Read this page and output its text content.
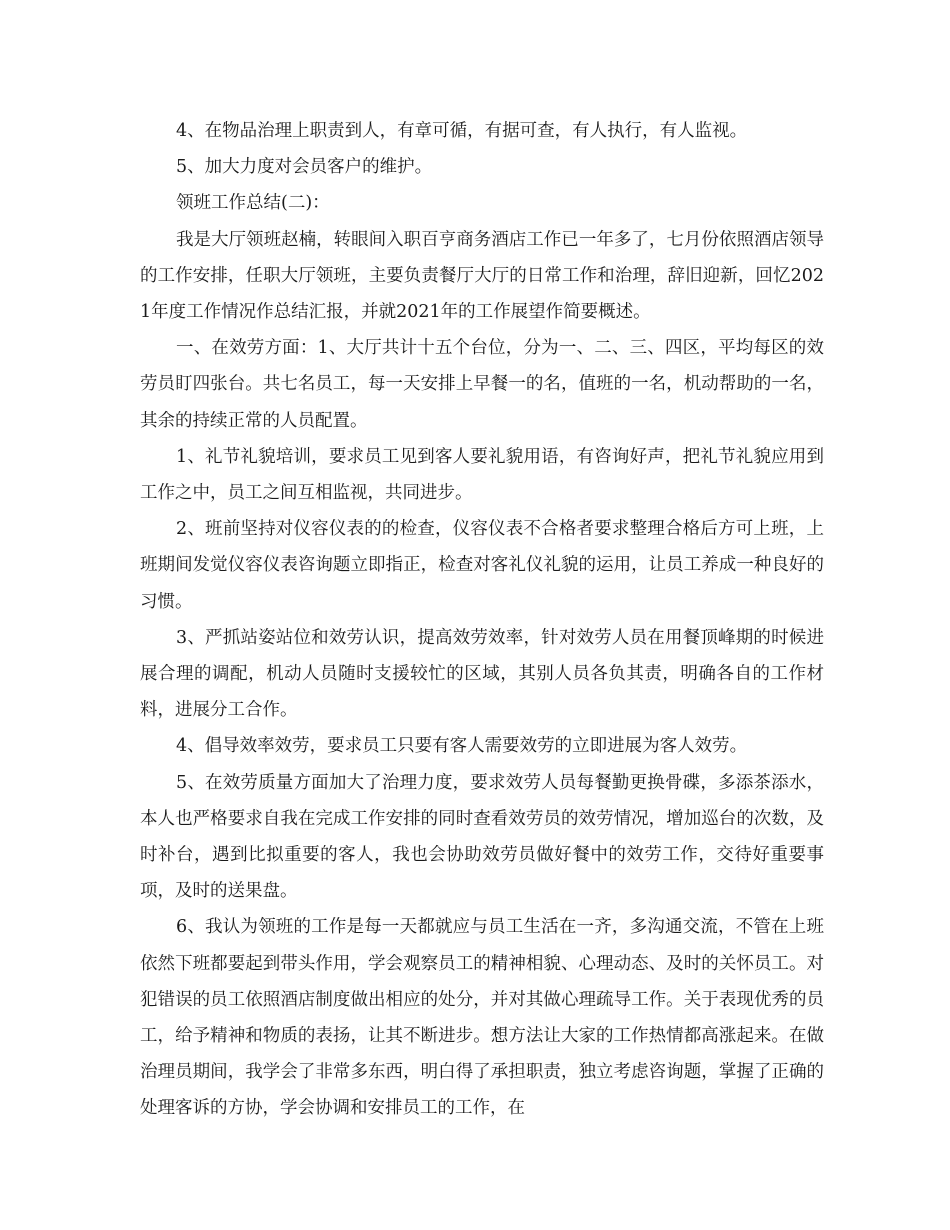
4、在物品治理上职责到人，有章可循，有据可查，有人执行，有人监视。

5、加大力度对会员客户的维护。

领班工作总结(二)：

我是大厅领班赵楠，转眼间入职百亨商务酒店工作已一年多了，七月份依照酒店领导的工作安排，任职大厅领班，主要负责餐厅大厅的日常工作和治理，辞旧迎新，回忆2021年度工作情况作总结汇报，并就2021年的工作展望作简要概述。

一、在效劳方面：1、大厅共计十五个台位，分为一、二、三、四区，平均每区的效劳员盯四张台。共七名员工，每一天安排上早餐一的名，值班的一名，机动帮助的一名，其余的持续正常的人员配置。

1、礼节礼貌培训，要求员工见到客人要礼貌用语，有咨询好声，把礼节礼貌应用到工作之中，员工之间互相监视，共同进步。

2、班前坚持对仪容仪表的的检查，仪容仪表不合格者要求整理合格后方可上班，上班期间发觉仪容仪表咨询题立即指正，检查对客礼仪礼貌的运用，让员工养成一种良好的习惯。

3、严抓站姿站位和效劳认识，提高效劳效率，针对效劳人员在用餐顶峰期的时候进展合理的调配，机动人员随时支援较忙的区域，其别人员各负其责，明确各自的工作材料，进展分工合作。

4、倡导效率效劳，要求员工只要有客人需要效劳的立即进展为客人效劳。

5、在效劳质量方面加大了治理力度，要求效劳人员每餐勤更换骨碟，多添茶添水，本人也严格要求自我在完成工作安排的同时查看效劳员的效劳情况，增加巡台的次数，及时补台，遇到比拟重要的客人，我也会协助效劳员做好餐中的效劳工作，交待好重要事项，及时的送果盘。

6、我认为领班的工作是每一天都就应与员工生活在一齐，多沟通交流，不管在上班依然下班都要起到带头作用，学会观察员工的精神相貌、心理动态、及时的关怀员工。对犯错误的员工依照酒店制度做出相应的处分，并对其做心理疏导工作。关于表现优秀的员工，给予精神和物质的表扬，让其不断进步。想方法让大家的工作热情都高涨起来。在做治理员期间，我学会了非常多东西，明白得了承担职责，独立考虑咨询题，掌握了正确的处理客诉的方协，学会协调和安排员工的工作，在
